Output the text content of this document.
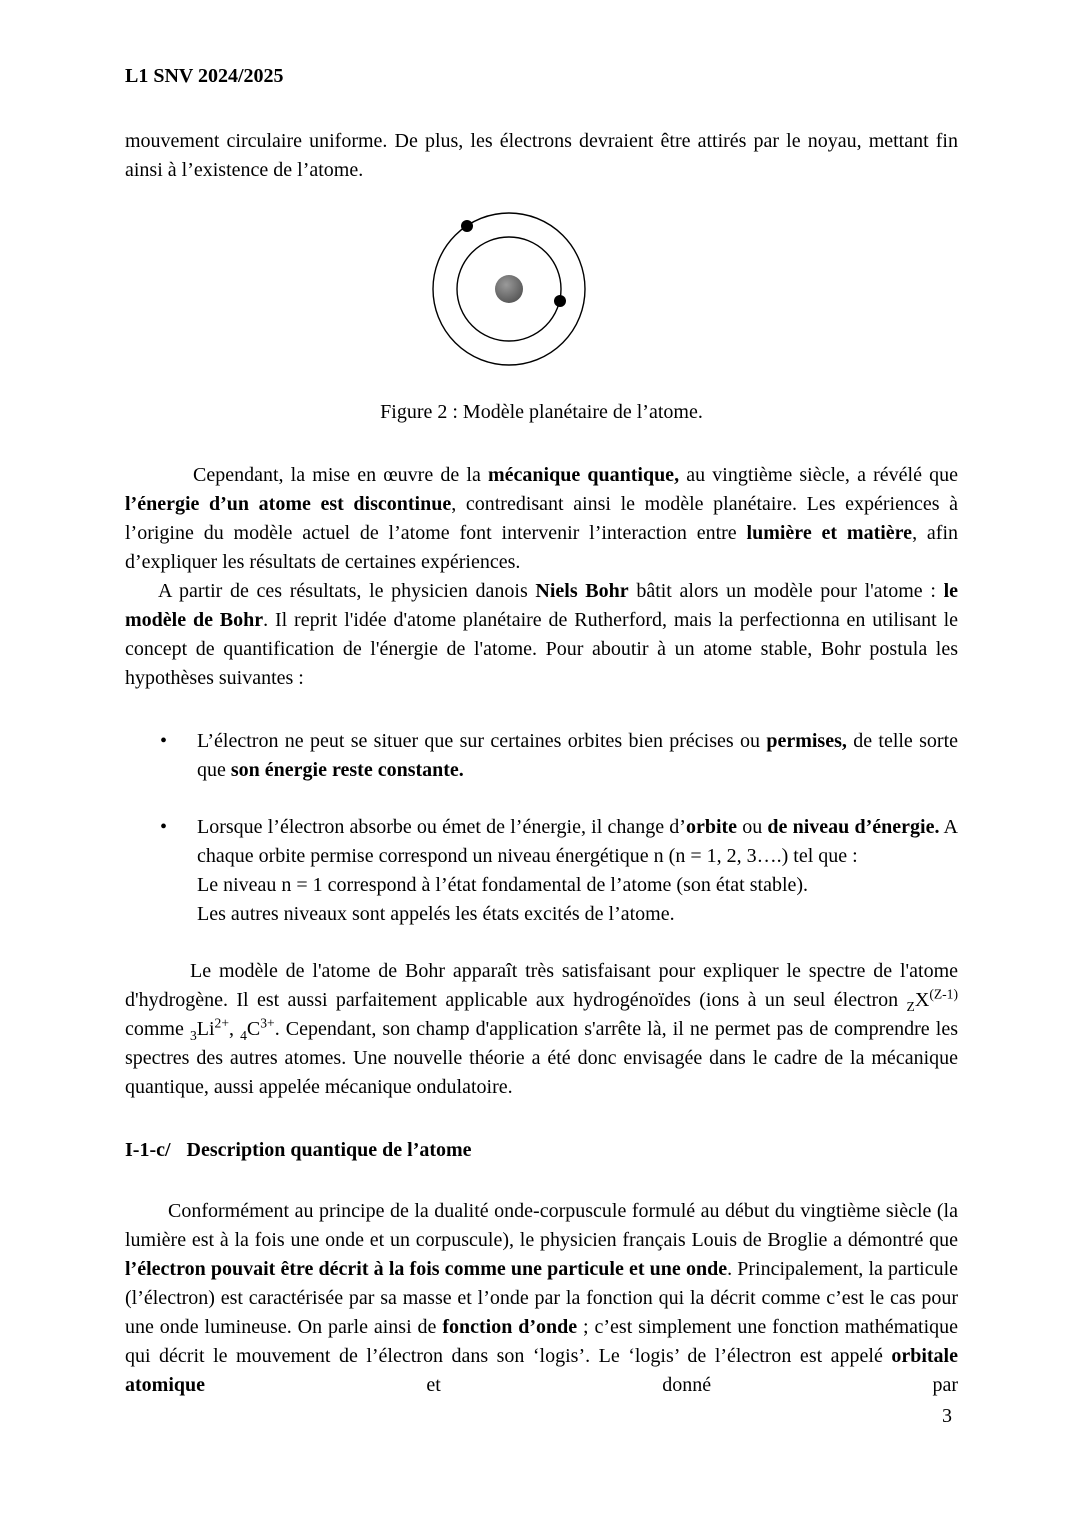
L1 SNV 2024/2025

mouvement circulaire uniforme. De plus, les électrons devraient être attirés par le noyau, mettant fin ainsi à l’existence de l’atome.

Figure 2 : Modèle planétaire de l’atome.

Cependant, la mise en œuvre de la mécanique quantique, au vingtième siècle, a révélé que l’énergie d’un atome est discontinue, contredisant ainsi le modèle planétaire. Les expériences à l’origine du modèle actuel de l’atome font intervenir l’interaction entre lumière et matière, afin d’expliquer les résultats de certaines expériences.

A partir de ces résultats, le physicien danois Niels Bohr bâtit alors un modèle pour l'atome : le modèle de Bohr. Il reprit l'idée d'atome planétaire de Rutherford, mais la perfectionna en utilisant le concept de quantification de l'énergie de l'atome. Pour aboutir à un atome stable, Bohr postula les hypothèses suivantes :

•	L’électron ne peut se situer que sur certaines orbites bien précises ou permises, de telle sorte que son énergie reste constante.
•	Lorsque l’électron absorbe ou émet de l’énergie, il change d’orbite ou de niveau d’énergie. A chaque orbite permise correspond un niveau énergétique n (n = 1, 2, 3….) tel que :
Le niveau n = 1 correspond à l’état fondamental de l’atome (son état stable).
Les autres niveaux sont appelés les états excités de l’atome.

Le modèle de l'atome de Bohr apparaît très satisfaisant pour expliquer le spectre de l'atome d'hydrogène. Il est aussi parfaitement applicable aux hydrogénoïdes (ions à un seul électron $_ZX^{(Z-1)}$ comme $_3Li^{2+}$, $_4C^{3+}$. Cependant, son champ d'application s'arrête là, il ne permet pas de comprendre les spectres des autres atomes. Une nouvelle théorie a été donc envisagée dans le cadre de la mécanique quantique, aussi appelée mécanique ondulatoire.

I-1-c/ Description quantique de l’atome

Conformément au principe de la dualité onde-corpuscule formulé au début du vingtième siècle (la lumière est à la fois une onde et un corpuscule), le physicien français Louis de Broglie a démontré que l’électron pouvait être décrit à la fois comme une particule et une onde. Principalement, la particule (l’électron) est caractérisée par sa masse et l’onde par la fonction qui la décrit comme c’est le cas pour une onde lumineuse. On parle ainsi de fonction d’onde ; c’est simplement une fonction mathématique qui décrit le mouvement de l’électron dans son ‘logis’. Le ‘logis’ de l’électron est appelé orbitale atomique et donné par

3
